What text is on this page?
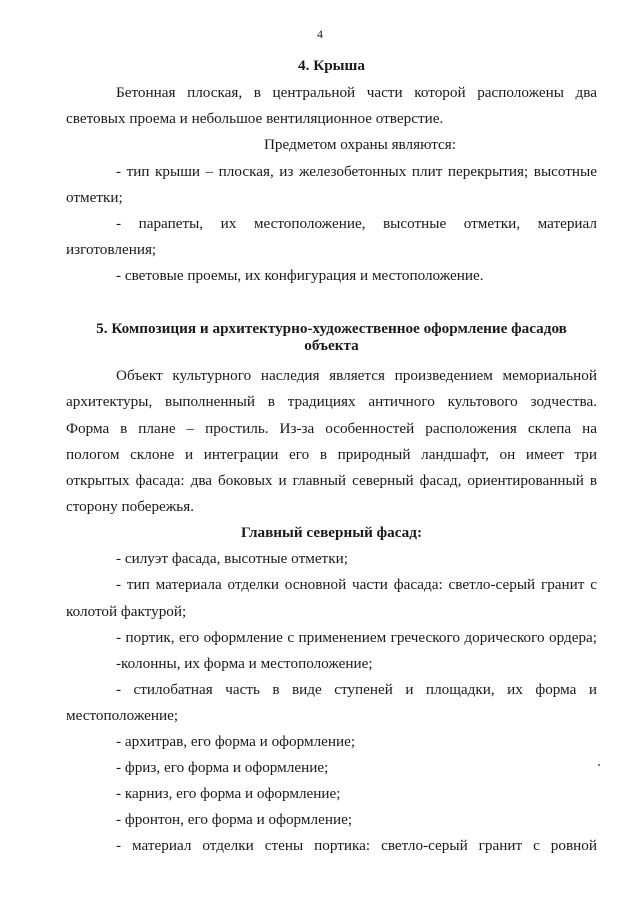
4
4. Крыша
Бетонная плоская, в центральной части которой расположены два
световых проема и небольшое вентиляционное отверстие.
Предметом охраны являются:
- тип крыши – плоская, из железобетонных плит перекрытия; высотные
отметки;
- парапеты, их местоположение, высотные отметки, материал
изготовления;
- световые проемы, их конфигурация и местоположение.
5. Композиция и архитектурно-художественное оформление фасадов
объекта
Объект культурного наследия является произведением мемориальной
архитектуры, выполненный в традициях античного культового зодчества.
Форма в плане – простиль. Из-за особенностей расположения склепа на
пологом склоне и интеграции его в природный ландшафт, он имеет три
открытых фасада: два боковых и главный северный фасад, ориентированный в
сторону побережья.
Главный северный фасад:
- силуэт фасада, высотные отметки;
- тип материала отделки основной части фасада: светло-серый гранит с
колотой фактурой;
- портик, его оформление с применением греческого дорического ордера;
-колонны, их форма и местоположение;
- стилобатная часть в виде ступеней и площадки, их форма и
местоположение;
- архитрав, его форма и оформление;
- фриз, его форма и оформление;
- карниз, его форма и оформление;
- фронтон, его форма и оформление;
- материал отделки стены портика: светло-серый гранит с ровной
